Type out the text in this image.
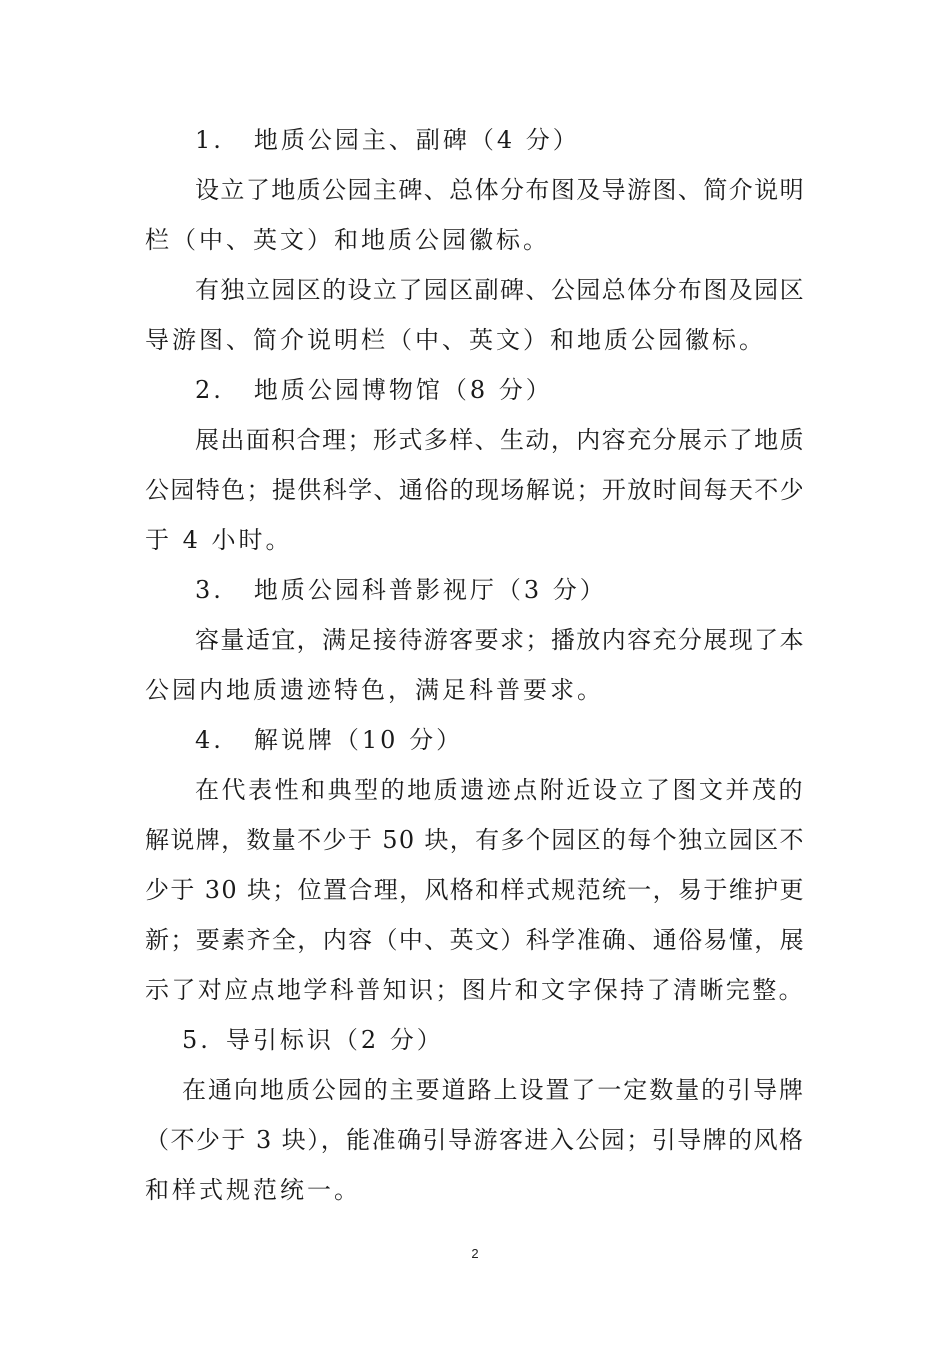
1.  地质公园主、副碑（4 分）
设立了地质公园主碑、总体分布图及导游图、简介说明
栏（中、英文）和地质公园徽标。
有独立园区的设立了园区副碑、公园总体分布图及园区
导游图、简介说明栏（中、英文）和地质公园徽标。
2.  地质公园博物馆（8 分）
展出面积合理；形式多样、生动，内容充分展示了地质
公园特色；提供科学、通俗的现场解说；开放时间每天不少
于 4 小时。
3.  地质公园科普影视厅（3 分）
容量适宜，满足接待游客要求；播放内容充分展现了本
公园内地质遗迹特色，满足科普要求。
4.  解说牌（10 分）
在代表性和典型的地质遗迹点附近设立了图文并茂的
解说牌，数量不少于 50 块，有多个园区的每个独立园区不
少于 30 块；位置合理，风格和样式规范统一，易于维护更
新；要素齐全，内容（中、英文）科学准确、通俗易懂，展
示了对应点地学科普知识；图片和文字保持了清晰完整。
5. 导引标识（2 分）
在通向地质公园的主要道路上设置了一定数量的引导牌
（不少于 3 块），能准确引导游客进入公园；引导牌的风格
和样式规范统一。
2
